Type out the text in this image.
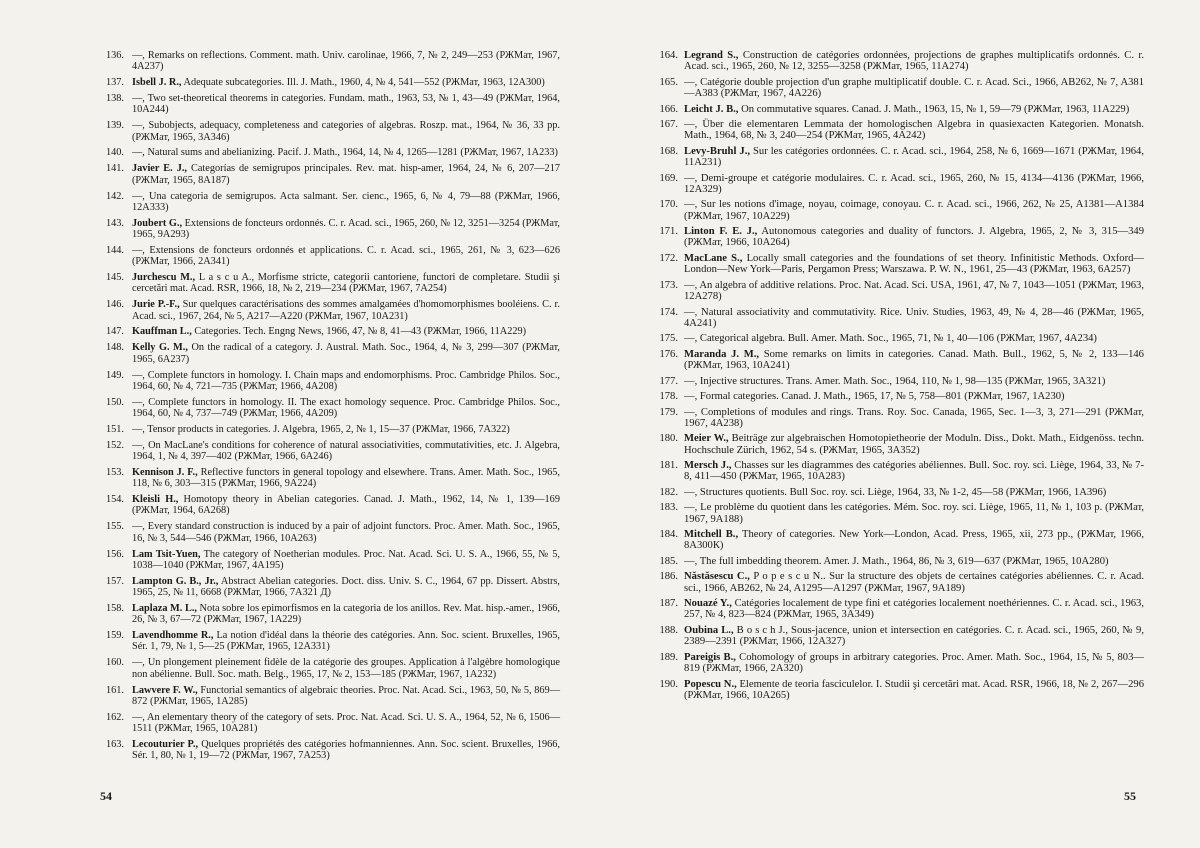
136. —, Remarks on reflections. Comment. math. Univ. carolinae, 1966, 7, № 2, 249—253 (РЖМат, 1967, 4А237)
137. Isbell J. R., Adequate subcategories. Ill. J. Math., 1960, 4, № 4, 541—552 (РЖМат, 1963, 12А300)
138. —, Two set-theoretical theorems in categories. Fundam. math., 1963, 53, № 1, 43—49 (РЖМат, 1964, 10А244)
139. —, Subobjects, adequacy, completeness and categories of algebras. Roszp. mat., 1964, № 36, 33 pp. (РЖМат, 1965, 3А346)
140. —, Natural sums and abelianizing. Pacif. J. Math., 1964, 14, № 4, 1265—1281 (РЖМат, 1967, 1А233)
141. Javier E. J., Categorías de semigrupos principales. Rev. mat. hisp-amer, 1964, 24, № 6, 207—217 (РЖМат, 1965, 8А187)
142. —, Una categoria de semigrupos. Acta salmant. Ser. cienc., 1965, 6, № 4, 79—88 (РЖМат, 1966, 12А333)
143. Joubert G., Extensions de foncteurs ordonnés. C. r. Acad. sci., 1965, 260, № 12, 3251—3254 (РЖМат, 1965, 9А293)
144. —, Extensions de foncteurs ordonnés et applications. C. r. Acad. sci., 1965, 261, № 3, 623—626 (РЖМат, 1966, 2А341)
145. Jurchescu M., L a s c u A., Morfisme stricte, categorii cantoriene, functori de completare. Studii şi cercetări mat. Acad. RSR, 1966, 18, № 2, 219—234 (РЖМат, 1967, 7А254)
146. Jurie P.-F., Sur quelques caractérisations des sommes amalgamées d'homomorphismes booléiens. C. r. Acad. sci., 1967, 264, № 5, A217—A220 (РЖМат, 1967, 10А231)
147. Kauffman L., Categories. Tech. Engng News, 1966, 47, № 8, 41—43 (РЖМат, 1966, 11А229)
148. Kelly G. M., On the radical of a category. J. Austral. Math. Soc., 1964, 4, № 3, 299—307 (РЖМат, 1965, 6А237)
149. —, Complete functors in homology. I. Chain maps and endomorphisms. Proc. Cambridge Philos. Soc., 1964, 60, № 4, 721—735 (РЖМат, 1966, 4А208)
150. —, Complete functors in homology. II. The exact homology sequence. Proc. Cambridge Philos. Soc., 1964, 60, № 4, 737—749 (РЖМат, 1966, 4А209)
151. —, Tensor products in categories. J. Algebra, 1965, 2, № 1, 15—37 (РЖМат, 1966, 7А322)
152. —, On MacLane's conditions for coherence of natural associativities, commutativities, etc. J. Algebra, 1964, 1, № 4, 397—402 (РЖМат, 1966, 6А246)
153. Kennison J. F., Reflective functors in general topology and elsewhere. Trans. Amer. Math. Soc., 1965, 118, № 6, 303—315 (РЖМат, 1966, 9А224)
154. Kleisli H., Homotopy theory in Abelian categories. Canad. J. Math., 1962, 14, № 1, 139—169 (РЖМат, 1964, 6А268)
155. —, Every standard construction is induced by a pair of adjoint functors. Proc. Amer. Math. Soc., 1965, 16, № 3, 544—546 (РЖМат, 1966, 10А263)
156. Lam Tsit-Yuen, The category of Noetherian modules. Proc. Nat. Acad. Sci. U. S. A., 1966, 55, № 5, 1038—1040 (РЖМат, 1967, 4А195)
157. Lampton G. B., Jr., Abstract Abelian categories. Doct. diss. Univ. S. C., 1964, 67 pp. Dissert. Abstrs, 1965, 25, № 11, 6668 (РЖМат, 1966, 7А321 Д)
158. Laplaza M. L., Nota sobre los epimorfismos en la categoria de los anillos. Rev. Mat. hisp.-amer., 1966, 26, № 3, 67—72 (РЖМат, 1967, 1А229)
159. Lavendhomme R., La notion d'idéal dans la théorie des catégories. Ann. Soc. scient. Bruxelles, 1965, Sér. 1, 79, № 1, 5—25 (РЖМат, 1965, 12А331)
160. —, Un plongement pleinement fidèle de la catégorie des groupes. Application à l'algèbre homologique non abélienne. Bull. Soc. math. Belg., 1965, 17, № 2, 153—185 (РЖМат, 1967, 1А232)
161. Lawvere F. W., Functorial semantics of algebraic theories. Proc. Nat. Acad. Sci., 1963, 50, № 5, 869—872 (РЖМат, 1965, 1А285)
162. —, An elementary theory of the category of sets. Proc. Nat. Acad. Sci. U. S. A., 1964, 52, № 6, 1506—1511 (РЖМат, 1965, 10А281)
163. Lecouturier P., Quelques propriétés des catégories hofmanniennes. Ann. Soc. scient. Bruxelles, 1966, Sér. 1, 80, № 1, 19—72 (РЖМат, 1967, 7А253)
164. Legrand S., Construction de catégories ordonnées, projections de graphes multiplicatifs ordonnés. C. r. Acad. sci., 1965, 260, № 12, 3255—3258 (РЖМат, 1965, 11А274)
165. —, Catégorie double projection d'un graphe multiplicatif double. C. r. Acad. Sci., 1966, AB262, № 7, A381—A383 (РЖМат, 1967, 4А226)
166. Leicht J. B., On commutative squares. Canad. J. Math., 1963, 15, № 1, 59—79 (РЖМат, 1963, 11А229)
167. —, Über die elementaren Lemmata der homologischen Algebra in quasiexacten Kategorien. Monatsh. Math., 1964, 68, № 3, 240—254 (РЖМат, 1965, 4А242)
168. Levy-Bruhl J., Sur les catégories ordonnées. C. r. Acad. sci., 1964, 258, № 6, 1669—1671 (РЖМат, 1964, 11А231)
169. —, Demi-groupe et catégorie modulaires. C. r. Acad. sci., 1965, 260, № 15, 4134—4136 (РЖМат, 1966, 12А329)
170. —, Sur les notions d'image, noyau, coimage, conoyau. C. r. Acad. sci., 1966, 262, № 25, A1381—A1384 (РЖМат, 1967, 10А229)
171. Linton F. E. J., Autonomous categories and duality of functors. J. Algebra, 1965, 2, № 3, 315—349 (РЖМат, 1966, 10А264)
172. MacLane S., Locally small categories and the foundations of set theory. Infinitistic Methods. Oxford—London—New York—Paris, Pergamon Press; Warszawa. P. W. N., 1961, 25—43 (РЖМат, 1963, 6А257)
173. —, An algebra of additive relations. Proc. Nat. Acad. Sci. USA, 1961, 47, № 7, 1043—1051 (РЖМат, 1963, 12А278)
174. —, Natural associativity and commutativity. Rice. Univ. Studies, 1963, 49, № 4, 28—46 (РЖМат, 1965, 4А241)
175. —, Categorical algebra. Bull. Amer. Math. Soc., 1965, 71, № 1, 40—106 (РЖМат, 1967, 4А234)
176. Maranda J. M., Some remarks on limits in categories. Canad. Math. Bull., 1962, 5, № 2, 133—146 (РЖМат, 1963, 10А241)
177. —, Injective structures. Trans. Amer. Math. Soc., 1964, 110, № 1, 98—135 (РЖМат, 1965, 3А321)
178. —, Formal categories. Canad. J. Math., 1965, 17, № 5, 758—801 (РЖМат, 1967, 1А230)
179. —, Completions of modules and rings. Trans. Roy. Soc. Canada, 1965, Sec. 1—3, 3, 271—291 (РЖМат, 1967, 4А238)
180. Meier W., Beiträge zur algebraischen Homotopietheorie der Moduln. Diss., Dokt. Math., Eidgenöss. techn. Hochschule Zürich, 1962, 54 s. (РЖМат, 1965, 3А352)
181. Mersch J., Chasses sur les diagrammes des catégories abéliennes. Bull. Soc. roy. sci. Liège, 1964, 33, № 7-8, 411—450 (РЖМат, 1965, 10А283)
182. —, Structures quotients. Bull Soc. roy. sci. Liège, 1964, 33, № 1-2, 45—58 (РЖМат, 1966, 1А396)
183. —, Le problème du quotient dans les catégories. Mém. Soc. roy. sci. Liège, 1965, 11, № 1, 103 p. (РЖМат, 1967, 9А188)
184. Mitchell B., Theory of categories. New York—London, Acad. Press, 1965, xii, 273 pp., (РЖМат, 1966, 8А300К)
185. —, The full imbedding theorem. Amer. J. Math., 1964, 86, № 3, 619—637 (РЖМат, 1965, 10А280)
186. Năstăsescu C., P o p e s c u N.. Sur la structure des objets de certaines catégories abéliennes. C. r. Acad. sci., 1966, AB262, № 24, A1295—A1297 (РЖМат, 1967, 9А189)
187. Nouazé Y., Catégories localement de type fini et catégories localement noethériennes. C. r. Acad. sci., 1963, 257, № 4, 823—824 (РЖМат, 1965, 3А349)
188. Oubina L., B o s c h J., Sous-jacence, union et intersection en catégories. C. r. Acad. sci., 1965, 260, № 9, 2389—2391 (РЖМат, 1966, 12А327)
189. Pareigis B., Cohomology of groups in arbitrary categories. Proc. Amer. Math. Soc., 1964, 15, № 5, 803—819 (РЖМат, 1966, 2А320)
190. Popescu N., Elemente de teoria fasciculelor. I. Studii şi cercetări mat. Acad. RSR, 1966, 18, № 2, 267—296 (РЖМат, 1966, 10А265)
54	55
